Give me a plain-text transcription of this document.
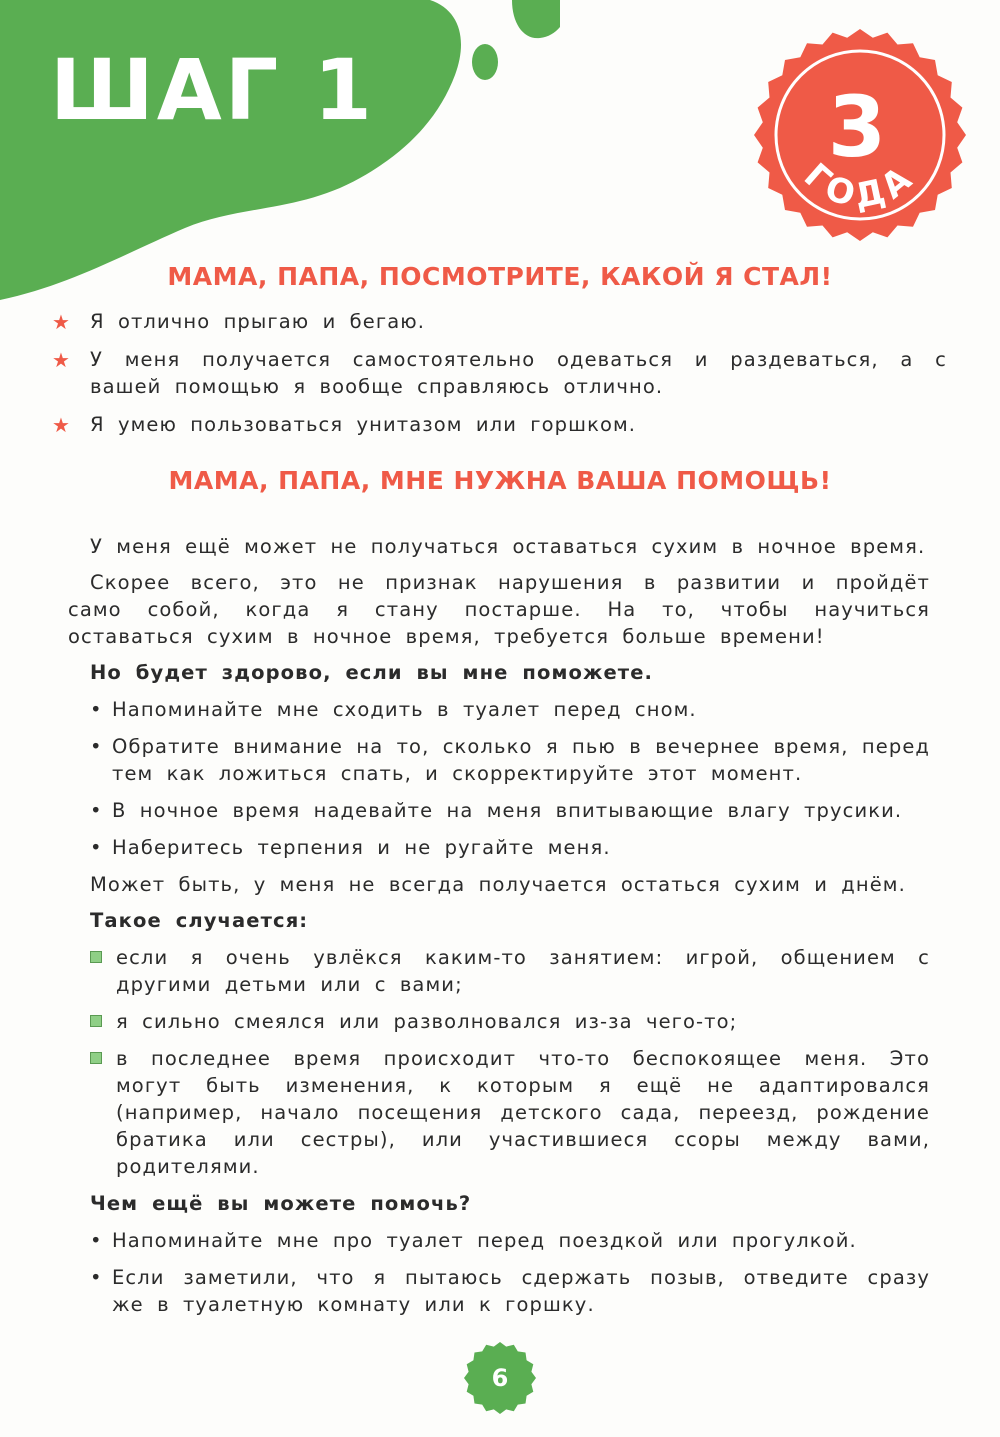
ШАГ 1	3
ГОДА
МАМА, ПАПА, ПОСМОТРИТЕ, КАКОЙ Я СТАЛ!
★ Я отлично прыгаю и бегаю.
★ У меня получается самостоятельно одеваться и раздеваться, а с вашей помощью я вообще справляюсь отлично.
★ Я умею пользоваться унитазом или горшком.
МАМА, ПАПА, МНЕ НУЖНА ВАША ПОМОЩЬ!

У меня ещё может не получаться оставаться сухим в ночное время.

Скорее всего, это не признак нарушения в развитии и пройдёт само собой, когда я стану постарше. На то, чтобы научиться оставаться сухим в ночное время, требуется больше времени!

Но будет здорово, если вы мне поможете.

• Напоминайте мне сходить в туалет перед сном.
• Обратите внимание на то, сколько я пью в вечернее время, перед тем как ложиться спать, и скорректируйте этот момент.
• В ночное время надевайте на меня впитывающие влагу трусики.
• Наберитесь терпения и не ругайте меня.

Может быть, у меня не всегда получается остаться сухим и днём.

Такое случается:

если я очень увлёкся каким-то занятием: игрой, общением с другими детьми или с вами;
я сильно смеялся или разволновался из-за чего-то;
в последнее время происходит что-то беспокоящее меня. Это могут быть изменения, к которым я ещё не адаптировался (например, начало посещения детского сада, переезд, рождение братика или сестры), или участившиеся ссоры между вами, родителями.

Чем ещё вы можете помочь?

• Напоминайте мне про туалет перед поездкой или прогулкой.
• Если заметили, что я пытаюсь сдержать позыв, отведите сразу же в туалетную комнату или к горшку.
6
